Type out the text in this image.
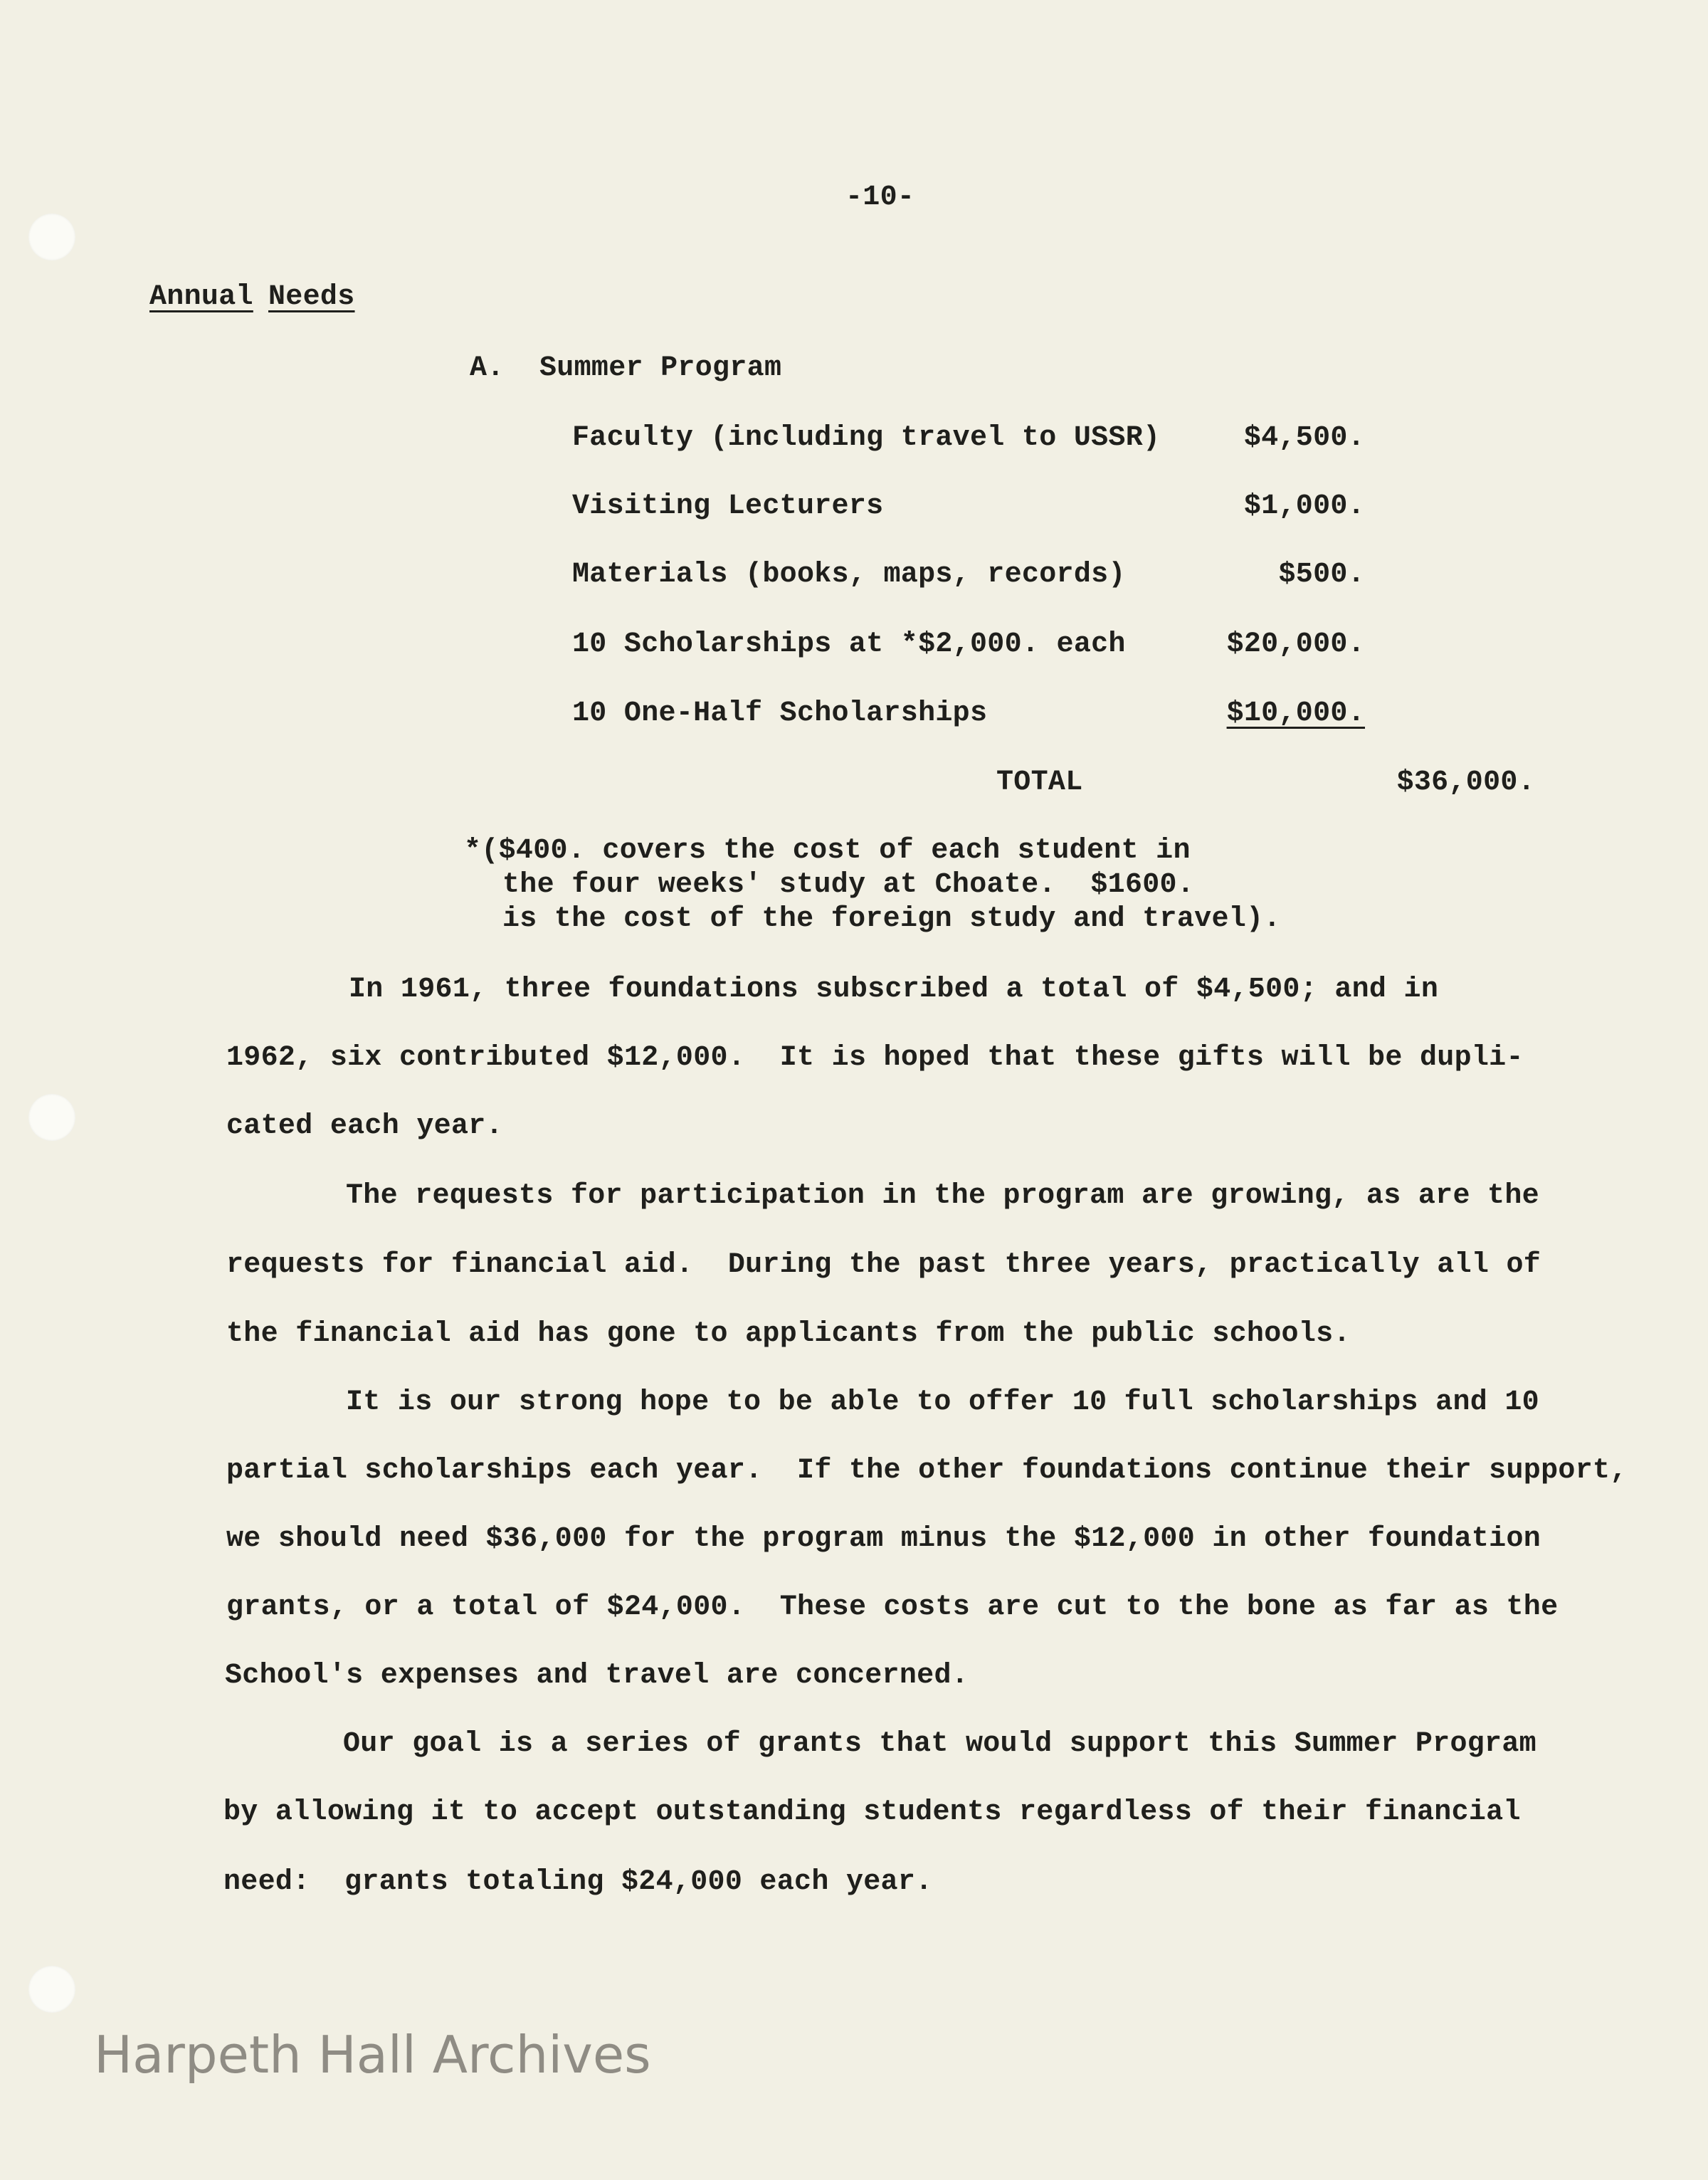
-10-
Annual Needs
A. Summer Program
Faculty (including travel to USSR)	$4,500.
Visiting Lecturers	$1,000.
Materials (books, maps, records)	$500.
10 Scholarships at *$2,000. each	$20,000.
10 One-Half Scholarships	$10,000.
TOTAL	$36,000.
*($400. covers the cost of each student in
the four weeks' study at Choate.  $1600.
is the cost of the foreign study and travel).
In 1961, three foundations subscribed a total of $4,500; and in
1962, six contributed $12,000.  It is hoped that these gifts will be dupli-
cated each year.
The requests for participation in the program are growing, as are the
requests for financial aid.  During the past three years, practically all of
the financial aid has gone to applicants from the public schools.
It is our strong hope to be able to offer 10 full scholarships and 10
partial scholarships each year.  If the other foundations continue their support,
we should need $36,000 for the program minus the $12,000 in other foundation
grants, or a total of $24,000.  These costs are cut to the bone as far as the
School's expenses and travel are concerned.
Our goal is a series of grants that would support this Summer Program
by allowing it to accept outstanding students regardless of their financial
need:  grants totaling $24,000 each year.
Harpeth Hall Archives
